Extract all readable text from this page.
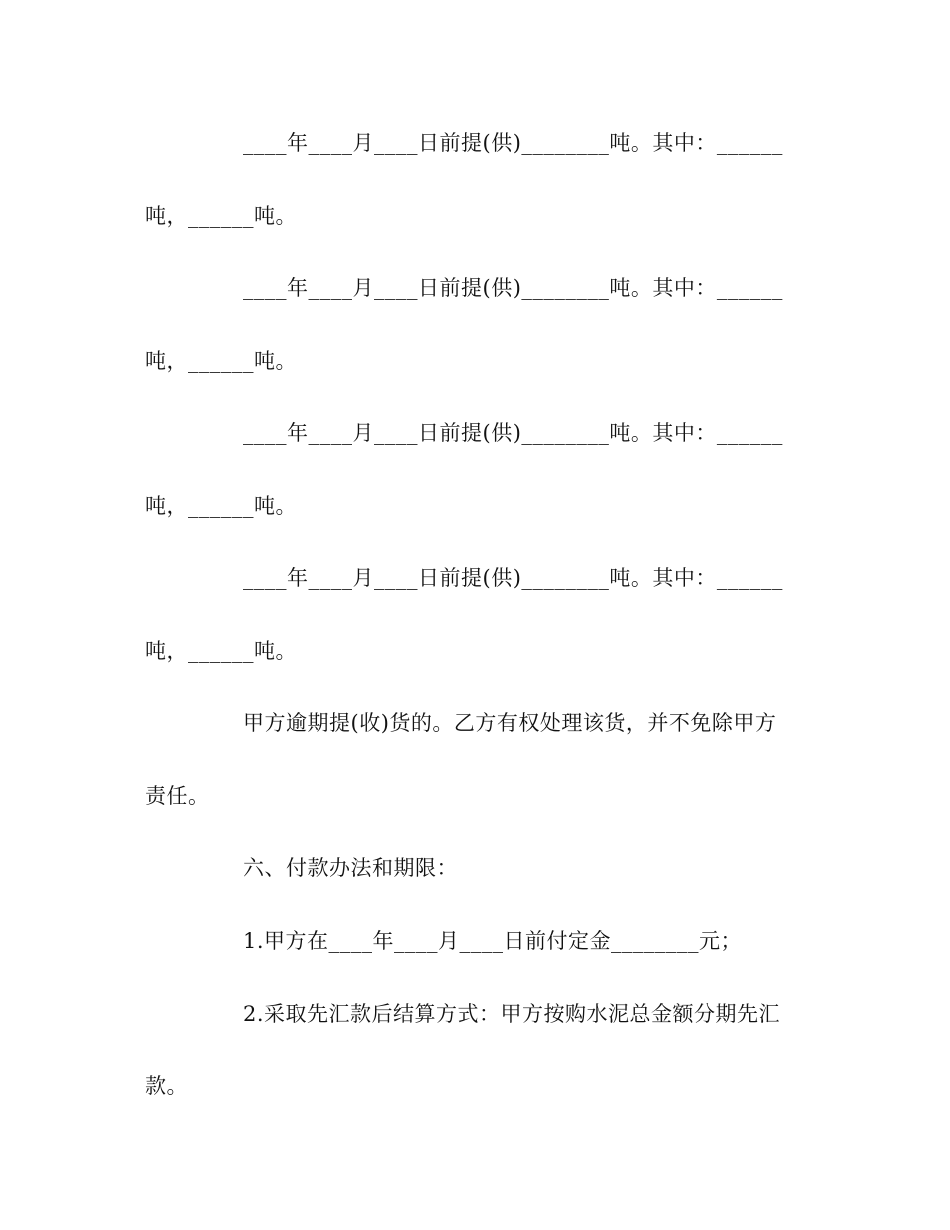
____年____月____日前提(供)________吨。其中：______
吨，______吨。
____年____月____日前提(供)________吨。其中：______
吨，______吨。
____年____月____日前提(供)________吨。其中：______
吨，______吨。
____年____月____日前提(供)________吨。其中：______
吨，______吨。
甲方逾期提(收)货的。乙方有权处理该货，并不免除甲方
责任。
六、付款办法和期限：
1.甲方在____年____月____日前付定金________元；
2.采取先汇款后结算方式：甲方按购水泥总金额分期先汇
款。
